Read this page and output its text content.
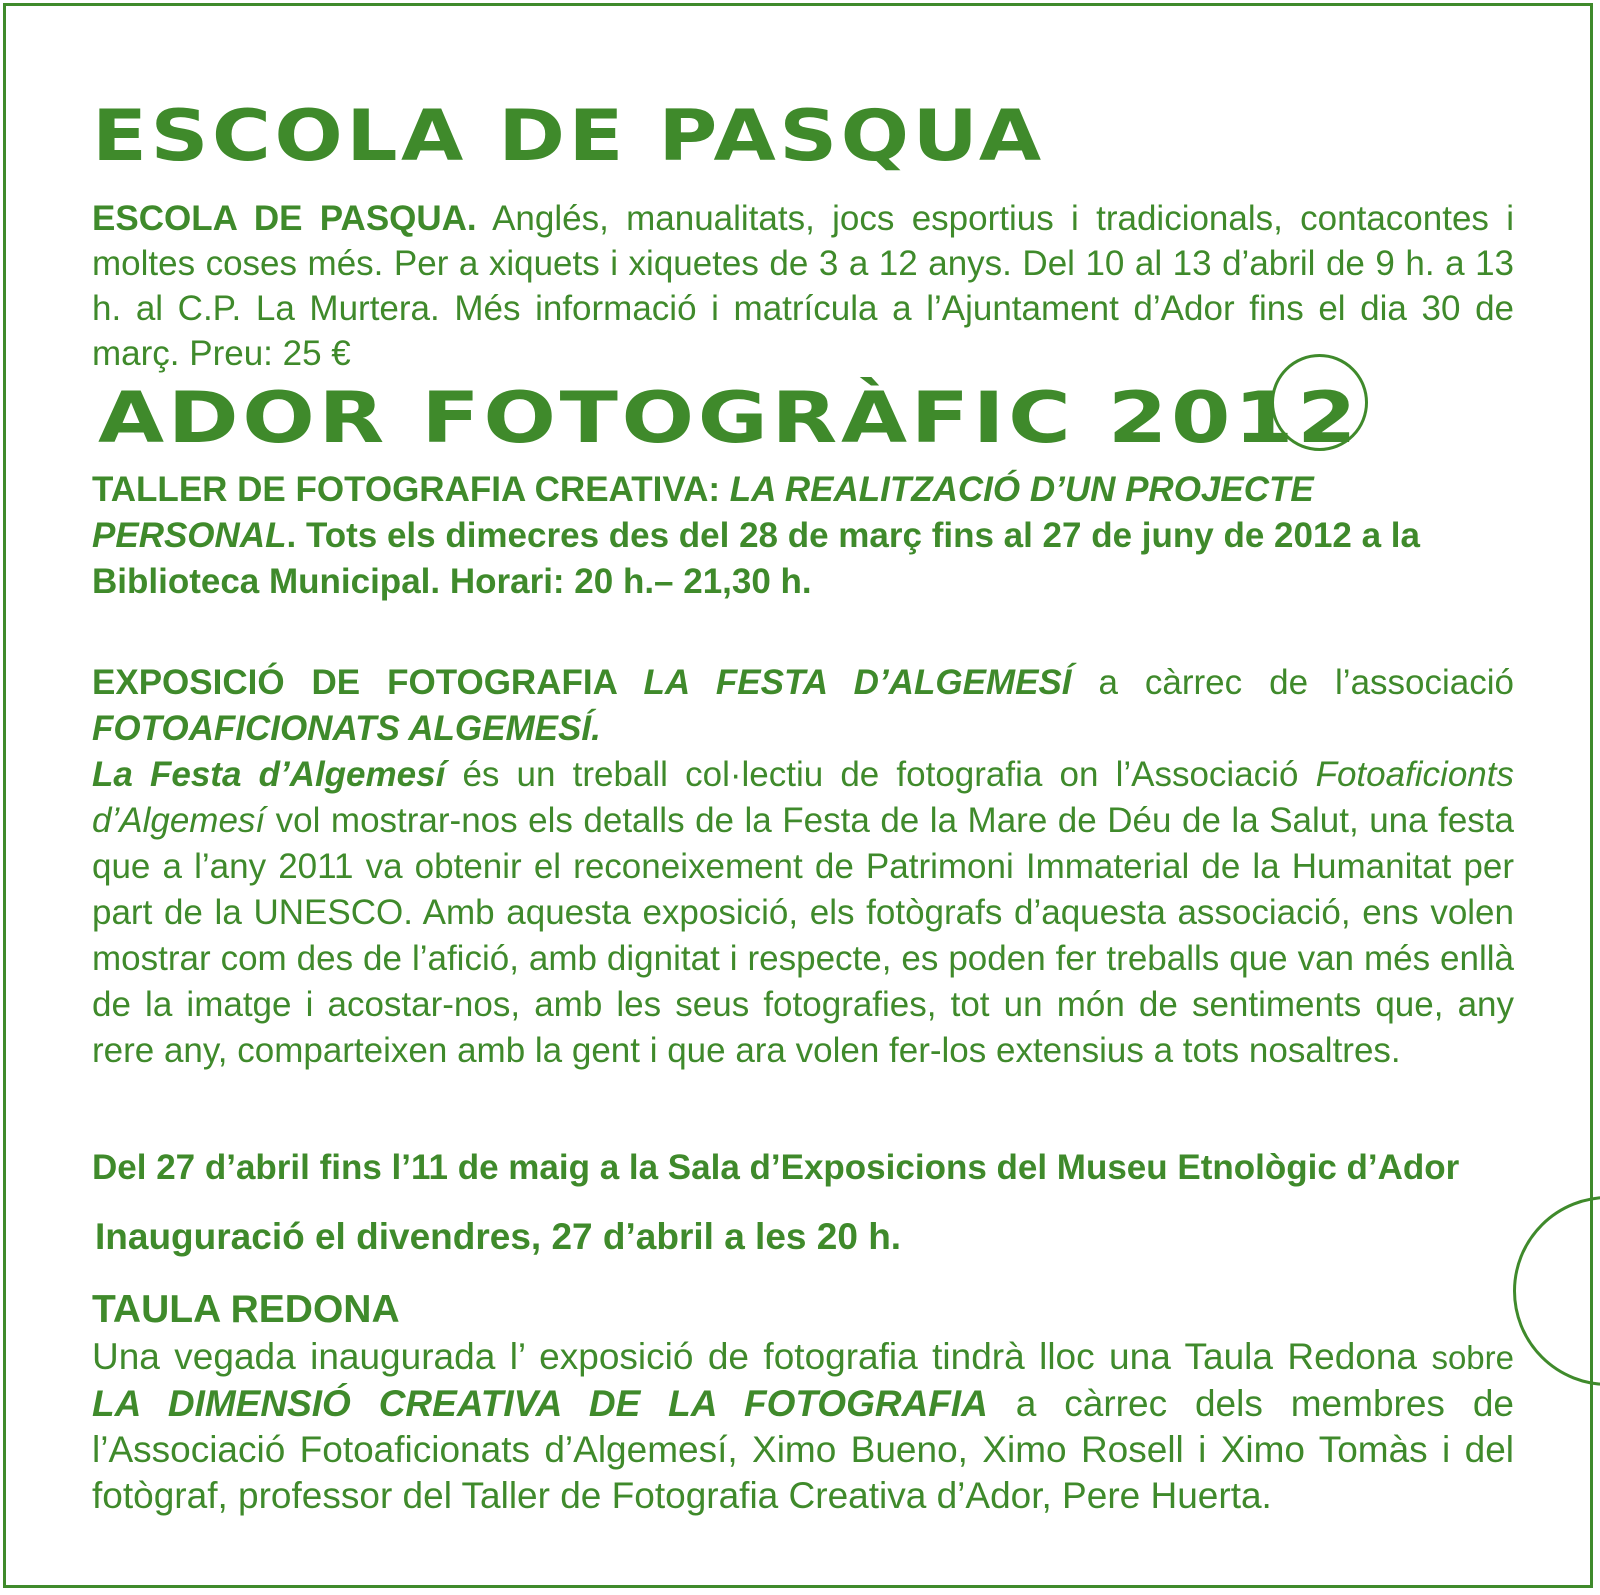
ESCOLA DE PASQUA

ESCOLA DE PASQUA. Anglés, manualitats, jocs esportius i tradicionals, contacontes i moltes coses més. Per a xiquets i xiquetes de 3 a 12 anys. Del 10 al 13 d’abril de 9 h. a 13 h. al C.P. La Murtera. Més informació i matrícula a l’Ajuntament d’Ador fins el dia 30 de març. Preu: 25 €

ADOR FOTOGRÀFIC 2012

TALLER DE FOTOGRAFIA CREATIVA: LA REALITZACIÓ D’UN PROJECTE PERSONAL. Tots els dimecres des del 28 de març fins al 27 de juny de 2012 a la Biblioteca Municipal. Horari: 20 h.– 21,30 h.

EXPOSICIÓ DE FOTOGRAFIA LA FESTA D’ALGEMESÍ a càrrec de l’associació FOTOAFICIONATS ALGEMESÍ.
La Festa d’Algemesí és un treball col·lectiu de fotografia on l’Associació Fotoaficionts d’Algemesí vol mostrar-nos els detalls de la Festa de la Mare de Déu de la Salut, una festa que a l’any 2011 va obtenir el reconeixement de Patrimoni Immaterial de la Humanitat per part de la UNESCO. Amb aquesta exposició, els fotògrafs d’aquesta associació, ens volen mostrar com des de l’afició, amb dignitat i respecte, es poden fer treballs que van més enllà de la imatge i acostar-nos, amb les seus fotografies, tot un món de sentiments que, any rere any, comparteixen amb la gent i que ara volen fer-los extensius a tots nosaltres.

Del 27 d’abril fins l’11 de maig a la Sala d’Exposicions del Museu Etnològic d’Ador

Inauguració el divendres, 27 d’abril a les 20 h.

TAULA REDONA

Una vegada inaugurada l’ exposició de fotografia tindrà lloc una Taula Redona sobre LA DIMENSIÓ CREATIVA DE LA FOTOGRAFIA a càrrec dels membres de l’Associació Fotoaficionats d’Algemesí, Ximo Bueno, Ximo Rosell i Ximo Tomàs i del fotògraf, professor del Taller de Fotografia Creativa d’Ador, Pere Huerta.
